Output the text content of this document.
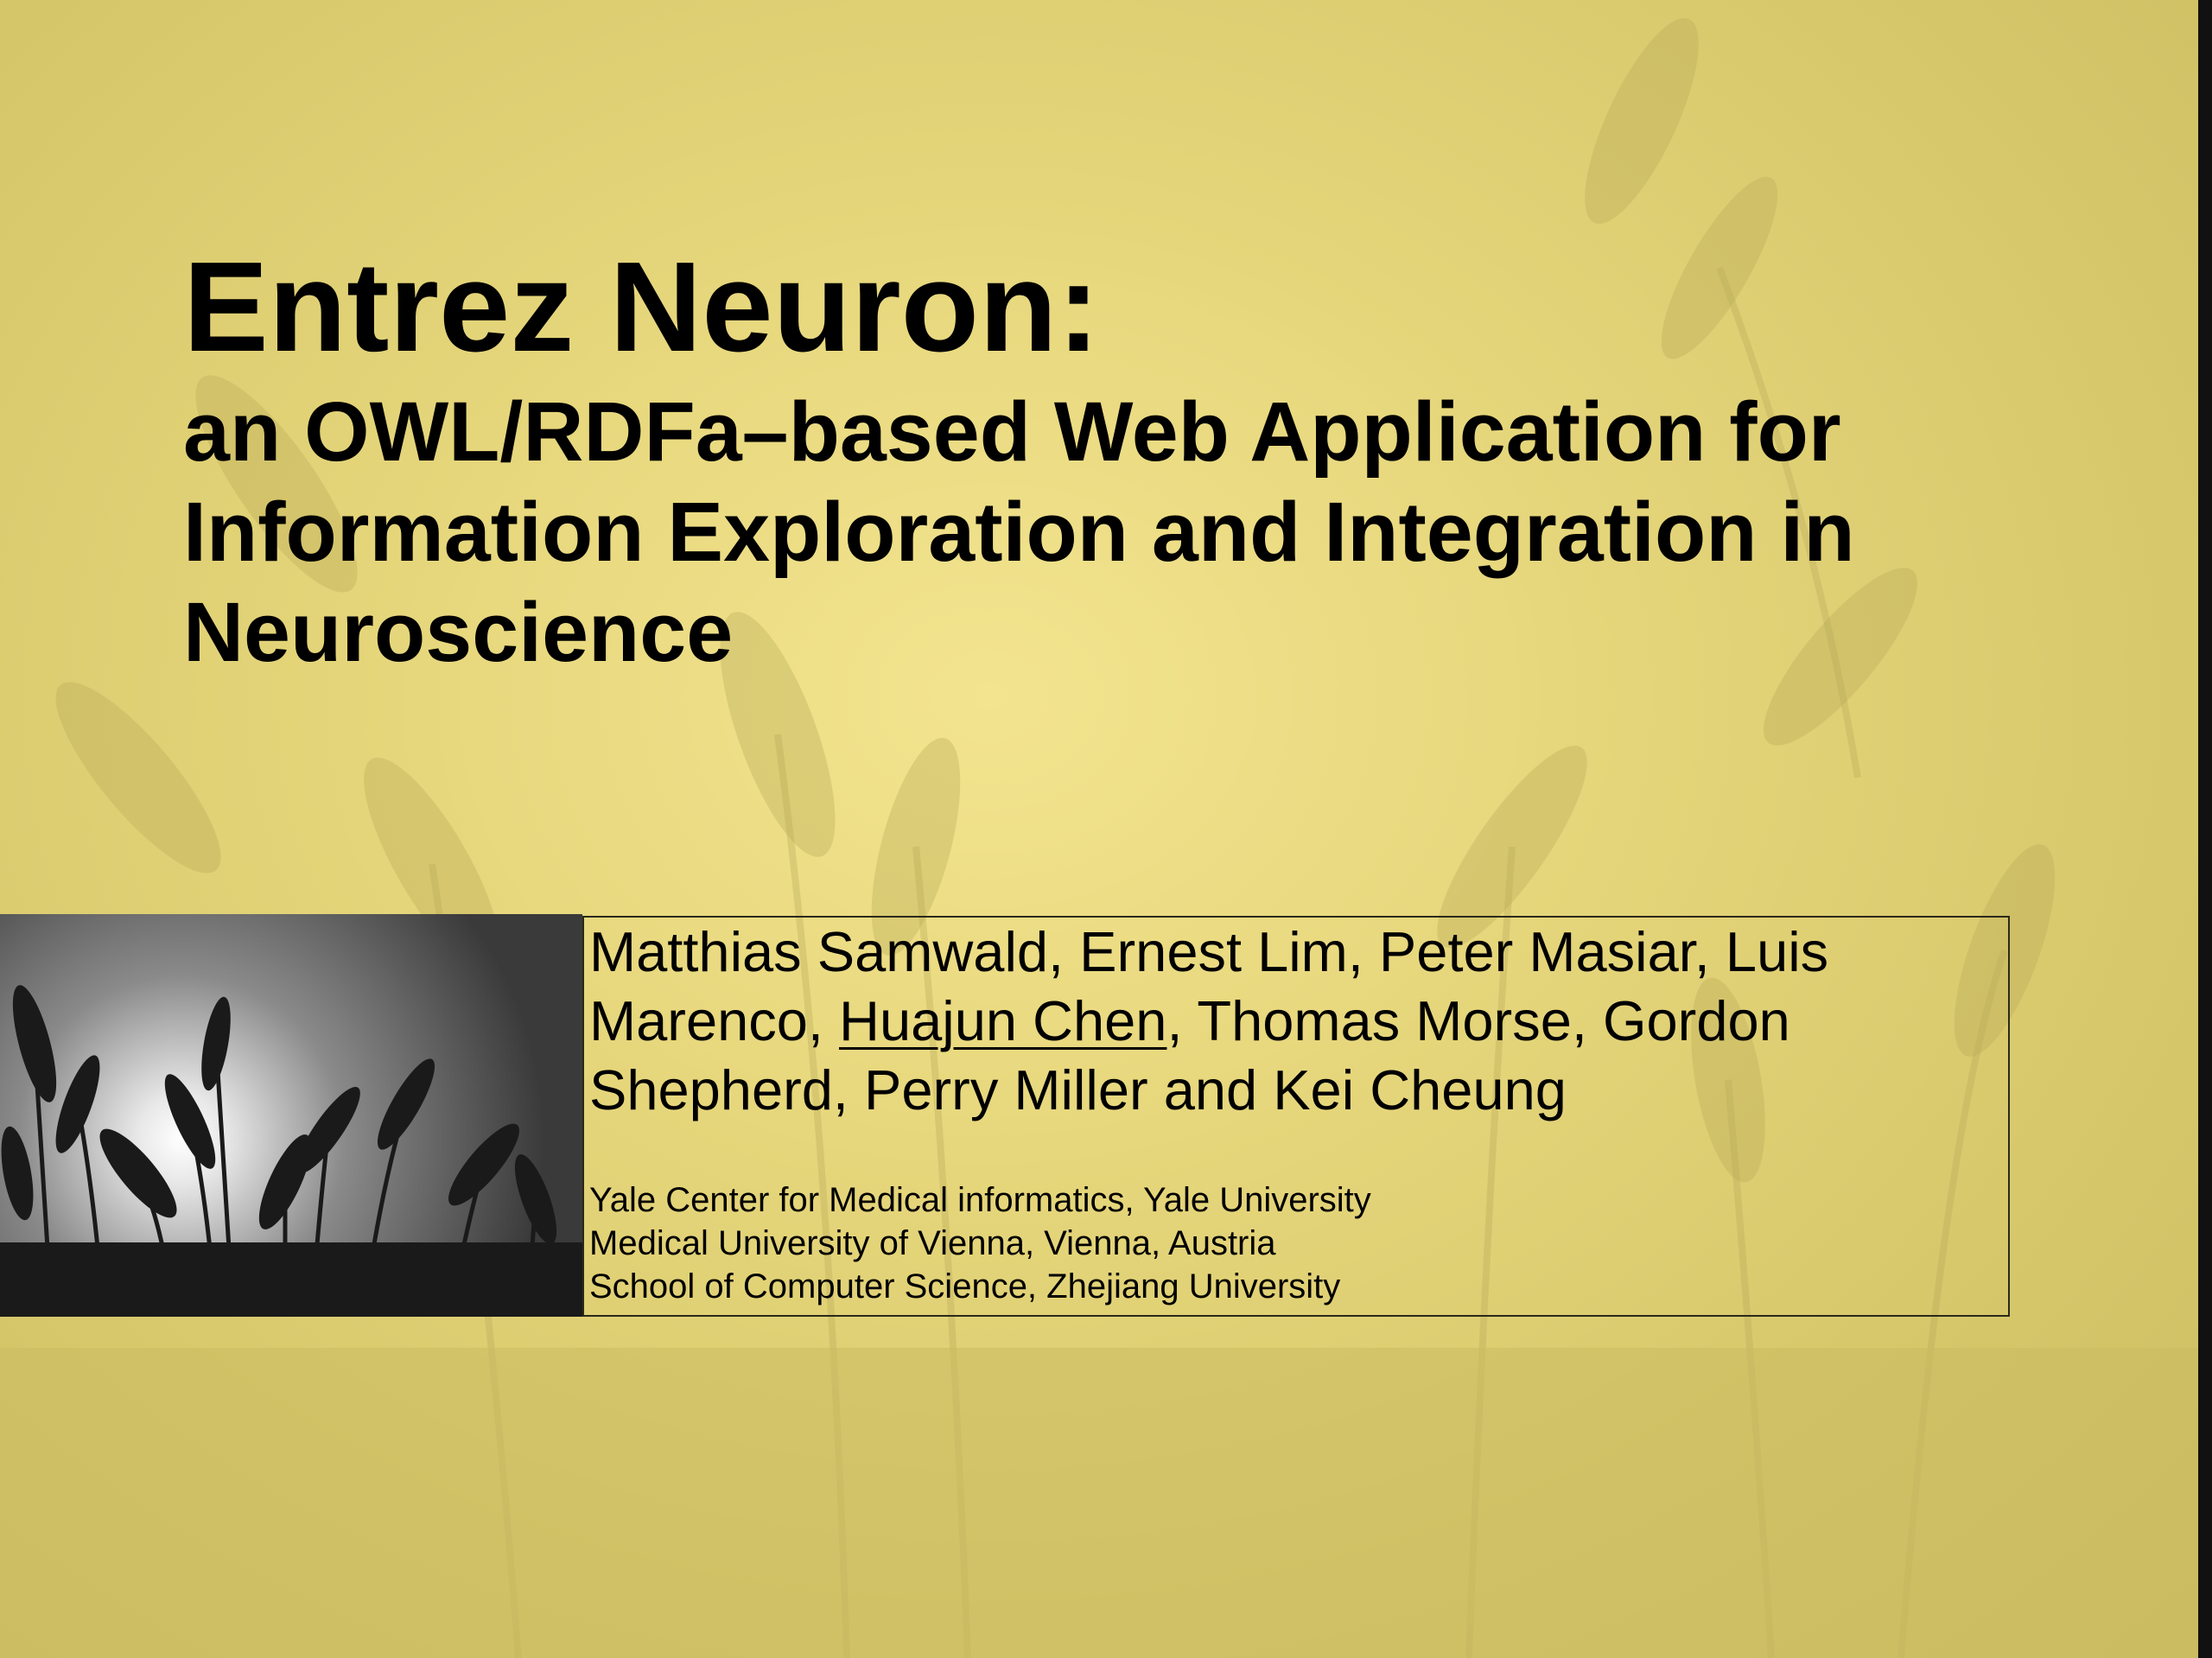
Entrez Neuron:

an OWL/RDFa–based Web Application for
Information Exploration and Integration in
Neuroscience

Matthias Samwald, Ernest Lim, Peter Masiar, Luis Marenco, Huajun Chen, Thomas Morse, Gordon Shepherd, Perry Miller and Kei Cheung

Yale Center for Medical informatics, Yale University
Medical University of Vienna, Vienna, Austria
School of Computer Science, Zhejiang University
